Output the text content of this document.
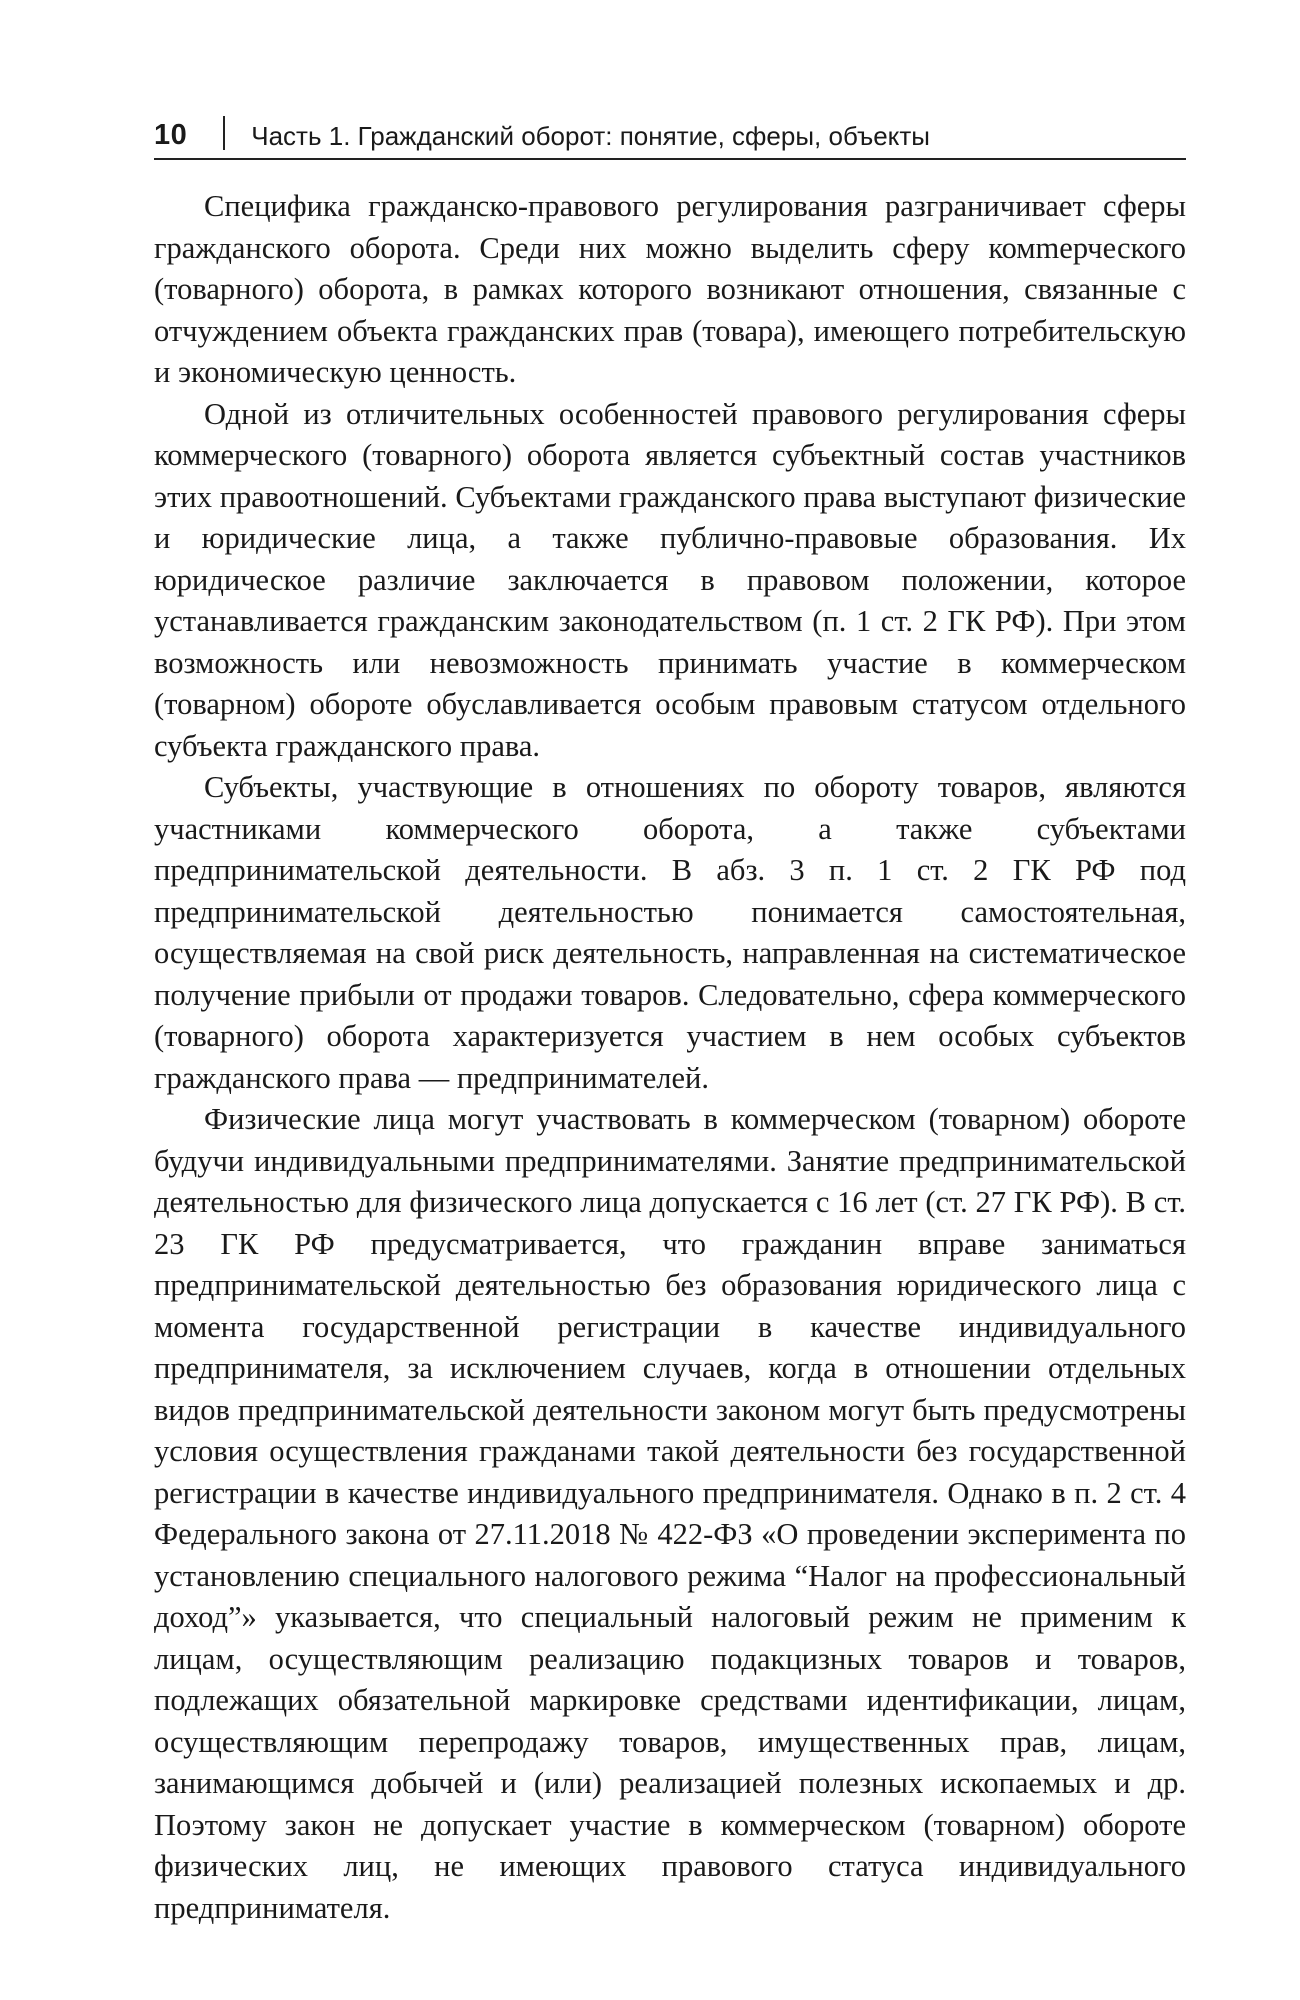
10 Часть 1. Гражданский оборот: понятие, сферы, объекты

Специфика гражданско-правового регулирования разграничивает сферы гражданского оборота. Среди них можно выделить сферу комmерческого (товарного) оборота, в рамках которого возникают отношения, связанные с отчуждением объекта гражданских прав (товара), имеющего потребительскую и экономическую ценность.

Одной из отличительных особенностей правового регулирования сферы коммерческого (товарного) оборота является субъектный состав участников этих правоотношений. Субъектами гражданского права выступают физические и юридические лица, а также публично-правовые образования. Их юридическое различие заключается в правовом положении, которое устанавливается гражданским законодательством (п. 1 ст. 2 ГК РФ). При этом возможность или невозможность принимать участие в коммерческом (товарном) обороте обуславливается особым правовым статусом отдельного субъекта гражданского права.

Субъекты, участвующие в отношениях по обороту товаров, являются участниками коммерческого оборота, а также субъектами предпринимательской деятельности. В абз. 3 п. 1 ст. 2 ГК РФ под предпринимательской деятельностью понимается самостоятельная, осуществляемая на свой риск деятельность, направленная на систематическое получение прибыли от продажи товаров. Следовательно, сфера коммерческого (товарного) оборота характеризуется участием в нем особых субъектов гражданского права — предпринимателей.

Физические лица могут участвовать в коммерческом (товарном) обороте будучи индивидуальными предпринимателями. Занятие предпринимательской деятельностью для физического лица допускается с 16 лет (ст. 27 ГК РФ). В ст. 23 ГК РФ предусматривается, что гражданин вправе заниматься предпринимательской деятельностью без образования юридического лица с момента государственной регистрации в качестве индивидуального предпринимателя, за исключением случаев, когда в отношении отдельных видов предпринимательской деятельности законом могут быть предусмотрены условия осуществления гражданами такой деятельности без государственной регистрации в качестве индивидуального предпринимателя. Однако в п. 2 ст. 4 Федерального закона от 27.11.2018 № 422-ФЗ «О проведении эксперимента по установлению специального налогового режима “Налог на профессиональный доход”» указывается, что специальный налоговый режим не применим к лицам, осуществляющим реализацию подакцизных товаров и товаров, подлежащих обязательной маркировке средствами идентификации, лицам, осуществляющим перепродажу товаров, имущественных прав, лицам, занимающимся добычей и (или) реализацией полезных ископаемых и др. Поэтому закон не допускает участие в коммерческом (товарном) обороте физических лиц, не имеющих правового статуса индивидуального предпринимателя.
